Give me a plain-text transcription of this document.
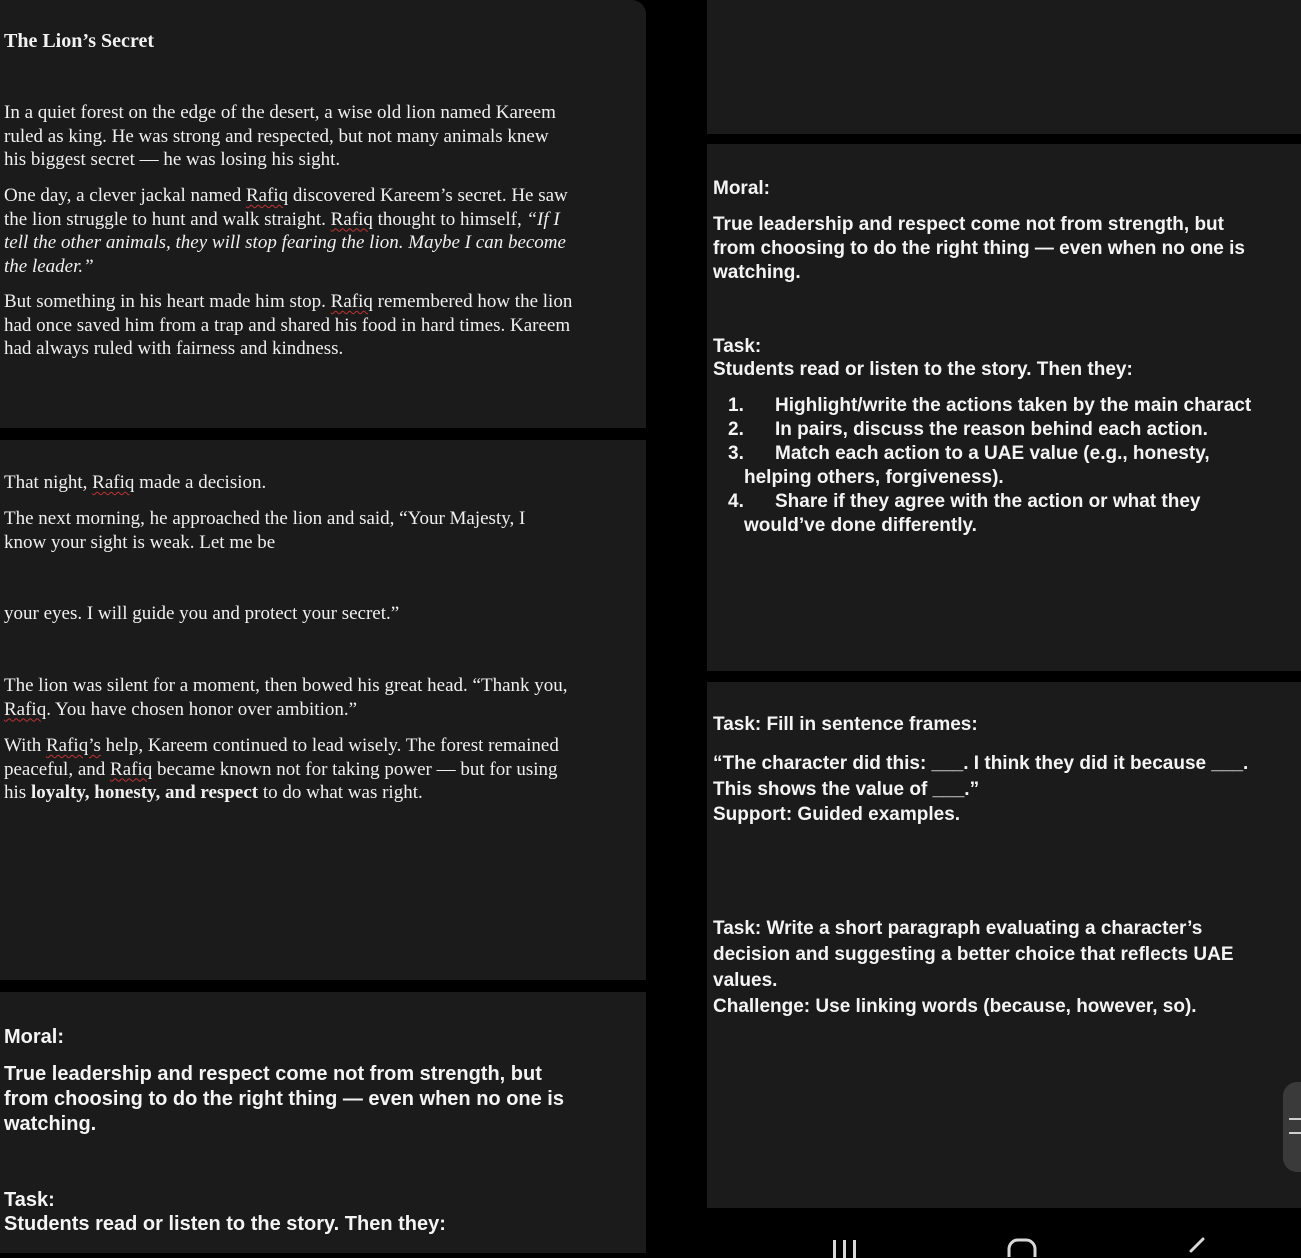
The Lion’s Secret

In a quiet forest on the edge of the desert, a wise old lion named Kareem
ruled as king. He was strong and respected, but not many animals knew
his biggest secret — he was losing his sight.
One day, a clever jackal named Rafiq discovered Kareem’s secret. He saw
the lion struggle to hunt and walk straight. Rafiq thought to himself, “If I
tell the other animals, they will stop fearing the lion. Maybe I can become
the leader.”
But something in his heart made him stop. Rafiq remembered how the lion
had once saved him from a trap and shared his food in hard times. Kareem
had always ruled with fairness and kindness.
That night, Rafiq made a decision.
The next morning, he approached the lion and said, “Your Majesty, I
know your sight is weak. Let me be
your eyes. I will guide you and protect your secret.”
The lion was silent for a moment, then bowed his great head. “Thank you,
Rafiq. You have chosen honor over ambition.”
With Rafiq’s help, Kareem continued to lead wisely. The forest remained
peaceful, and Rafiq became known not for taking power — but for using
his loyalty, honesty, and respect to do what was right.
Moral:
True leadership and respect come not from strength, but
from choosing to do the right thing — even when no one is
watching.
Task:
Students read or listen to the story. Then they:
Moral:
True leadership and respect come not from strength, but
from choosing to do the right thing — even when no one is
watching.
Task:
Students read or listen to the story. Then they:
1. Highlight/write the actions taken by the main charact
2. In pairs, discuss the reason behind each action.
3. Match each action to a UAE value (e.g., honesty,
helping others, forgiveness).
4. Share if they agree with the action or what they
would’ve done differently.
Task: Fill in sentence frames:
“The character did this: ___. I think they did it because ___.
This shows the value of ___.”
Support: Guided examples.
Task: Write a short paragraph evaluating a character’s
decision and suggesting a better choice that reflects UAE
values.
Challenge: Use linking words (because, however, so).
